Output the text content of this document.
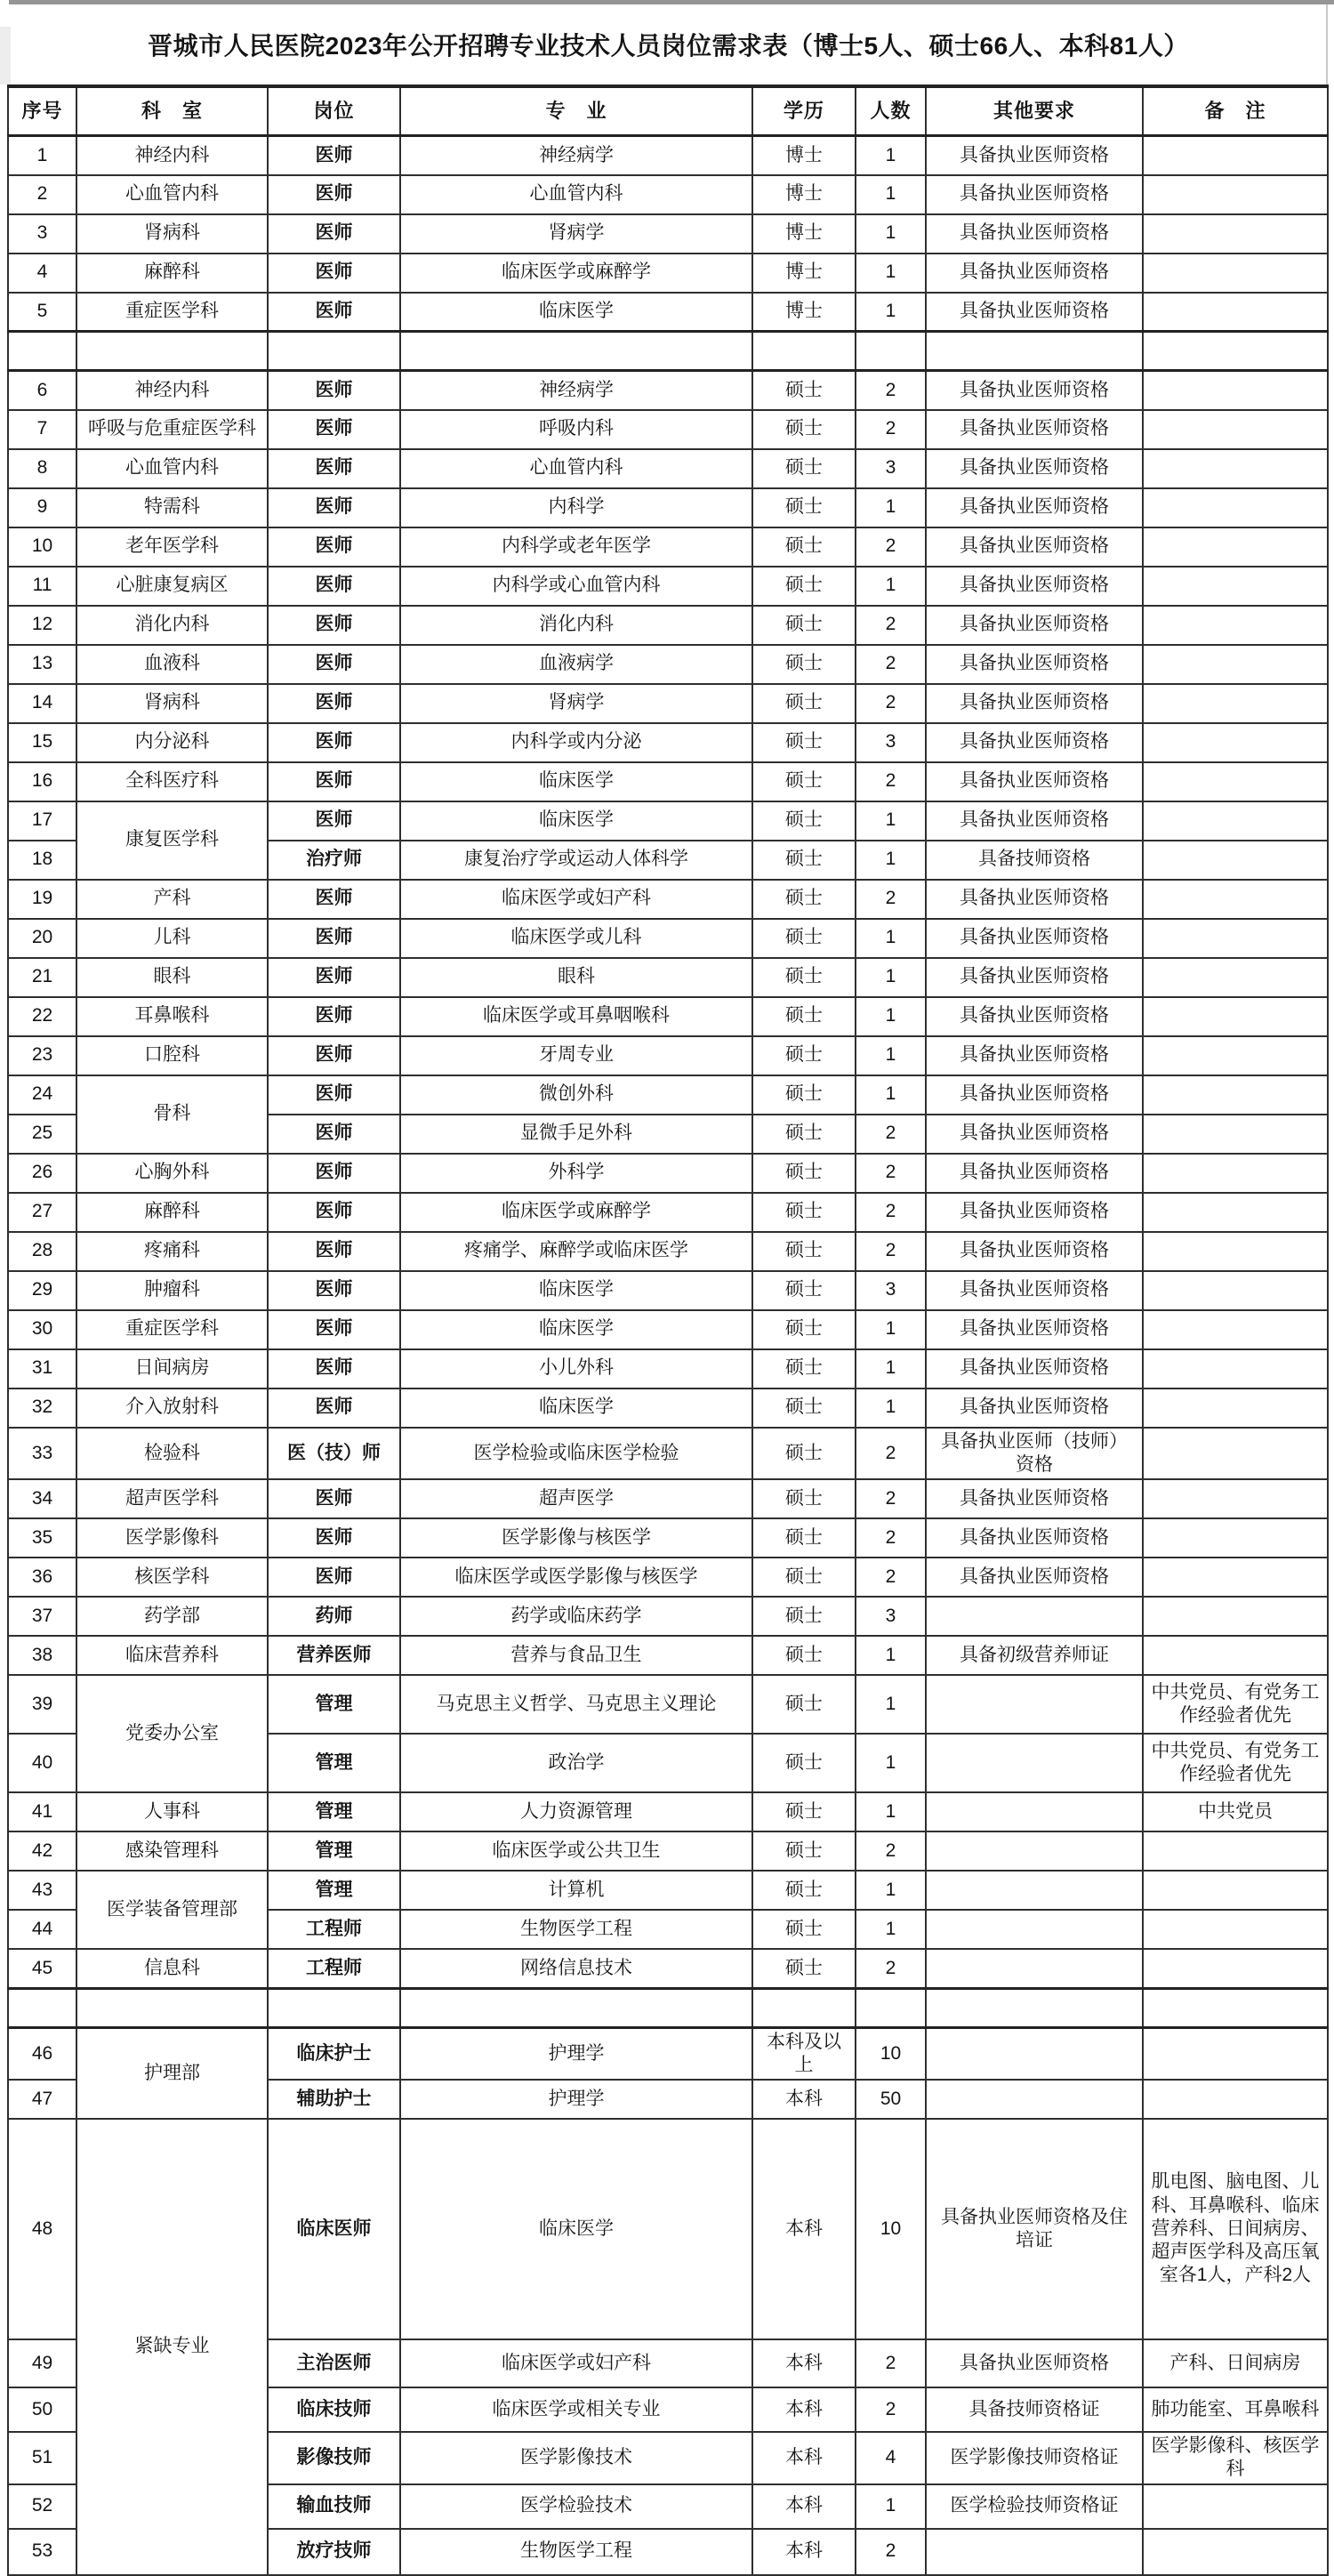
晋城市人民医院2023年公开招聘专业技术人员岗位需求表（博士5人、硕士66人、本科81人）
序号	科　室	岗位	专　业	学历	人数	其他要求	备　注
1	神经内科	医师	神经病学	博士	1	具备执业医师资格	
2	心血管内科	医师	心血管内科	博士	1	具备执业医师资格	
3	肾病科	医师	肾病学	博士	1	具备执业医师资格	
4	麻醉科	医师	临床医学或麻醉学	博士	1	具备执业医师资格	
5	重症医学科	医师	临床医学	博士	1	具备执业医师资格	

6	神经内科	医师	神经病学	硕士	2	具备执业医师资格	
7	呼吸与危重症医学科	医师	呼吸内科	硕士	2	具备执业医师资格	
8	心血管内科	医师	心血管内科	硕士	3	具备执业医师资格	
9	特需科	医师	内科学	硕士	1	具备执业医师资格	
10	老年医学科	医师	内科学或老年医学	硕士	2	具备执业医师资格	
11	心脏康复病区	医师	内科学或心血管内科	硕士	1	具备执业医师资格	
12	消化内科	医师	消化内科	硕士	2	具备执业医师资格	
13	血液科	医师	血液病学	硕士	2	具备执业医师资格	
14	肾病科	医师	肾病学	硕士	2	具备执业医师资格	
15	内分泌科	医师	内科学或内分泌	硕士	3	具备执业医师资格	
16	全科医疗科	医师	临床医学	硕士	2	具备执业医师资格	
17	康复医学科	医师	临床医学	硕士	1	具备执业医师资格	
18		治疗师	康复治疗学或运动人体科学	硕士	1	具备技师资格	
19	产科	医师	临床医学或妇产科	硕士	2	具备执业医师资格	
20	儿科	医师	临床医学或儿科	硕士	1	具备执业医师资格	
21	眼科	医师	眼科	硕士	1	具备执业医师资格	
22	耳鼻喉科	医师	临床医学或耳鼻咽喉科	硕士	1	具备执业医师资格	
23	口腔科	医师	牙周专业	硕士	1	具备执业医师资格	
24	骨科	医师	微创外科	硕士	1	具备执业医师资格	
25		医师	显微手足外科	硕士	2	具备执业医师资格	
26	心胸外科	医师	外科学	硕士	2	具备执业医师资格	
27	麻醉科	医师	临床医学或麻醉学	硕士	2	具备执业医师资格	
28	疼痛科	医师	疼痛学、麻醉学或临床医学	硕士	2	具备执业医师资格	
29	肿瘤科	医师	临床医学	硕士	3	具备执业医师资格	
30	重症医学科	医师	临床医学	硕士	1	具备执业医师资格	
31	日间病房	医师	小儿外科	硕士	1	具备执业医师资格	
32	介入放射科	医师	临床医学	硕士	1	具备执业医师资格	
33	检验科	医（技）师	医学检验或临床医学检验	硕士	2	具备执业医师（技师）资格	
34	超声医学科	医师	超声医学	硕士	2	具备执业医师资格	
35	医学影像科	医师	医学影像与核医学	硕士	2	具备执业医师资格	
36	核医学科	医师	临床医学或医学影像与核医学	硕士	2	具备执业医师资格	
37	药学部	药师	药学或临床药学	硕士	3		
38	临床营养科	营养医师	营养与食品卫生	硕士	1	具备初级营养师证	
39	党委办公室	管理	马克思主义哲学、马克思主义理论	硕士	1		中共党员、有党务工作经验者优先
40		管理	政治学	硕士	1		中共党员、有党务工作经验者优先
41	人事科	管理	人力资源管理	硕士	1		中共党员
42	感染管理科	管理	临床医学或公共卫生	硕士	2		
43	医学装备管理部	管理	计算机	硕士	1		
44		工程师	生物医学工程	硕士	1		
45	信息科	工程师	网络信息技术	硕士	2		

46	护理部	临床护士	护理学	本科及以上	10		
47		辅助护士	护理学	本科	50		
48	紧缺专业	临床医师	临床医学	本科	10	具备执业医师资格及住培证	肌电图、脑电图、儿科、耳鼻喉科、临床营养科、日间病房、超声医学科及高压氧室各1人，产科2人
49		主治医师	临床医学或妇产科	本科	2	具备执业医师资格	产科、日间病房
50		临床技师	临床医学或相关专业	本科	2	具备技师资格证	肺功能室、耳鼻喉科
51		影像技师	医学影像技术	本科	4	医学影像技师资格证	医学影像科、核医学科
52		输血技师	医学检验技术	本科	1	医学检验技师资格证	
53		放疗技师	生物医学工程	本科	2		
